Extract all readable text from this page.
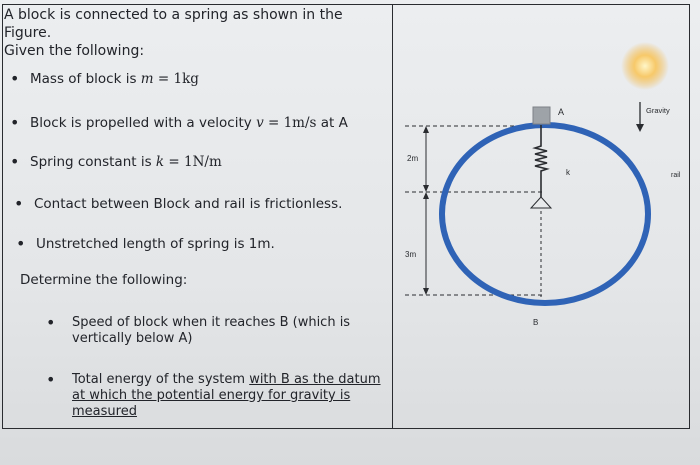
A block is connected to a spring as shown in the Figure.

Given the following:

• Mass of block is m = 1kg
• Block is propelled with a velocity v = 1m/s at A
• Spring constant is k = 1N/m
• Contact between Block and rail is frictionless.
• Unstretched length of spring is 1m.
Determine the following:
• Speed of block when it reaches B (which is
vertically below A)
• Total energy of the system with B as the datum
at which the potential energy for gravity is
measured
2m
3m
A
B
k	rail
Gravity
